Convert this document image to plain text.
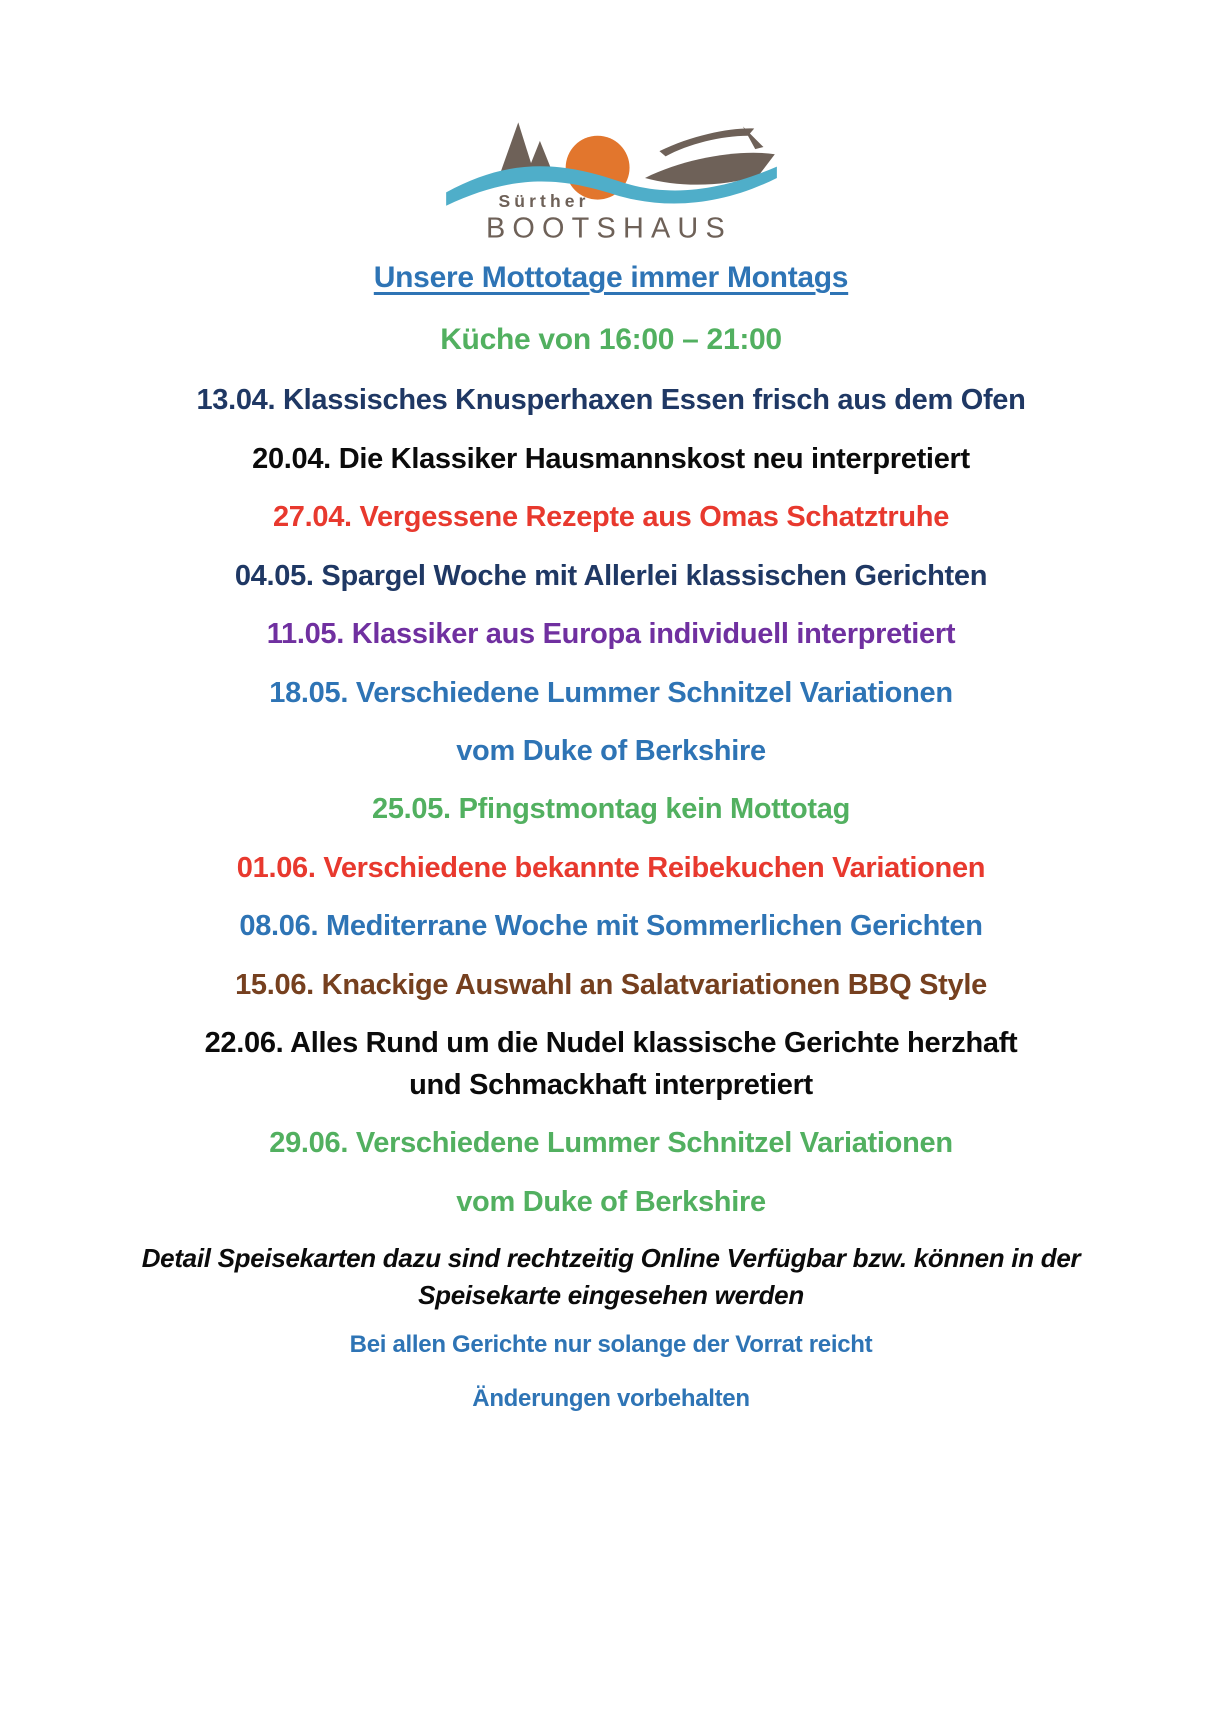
Sürther
BOOTSHAUS
Unsere Mottotage immer Montags
Küche von 16:00 – 21:00
13.04. Klassisches Knusperhaxen Essen frisch aus dem Ofen
20.04. Die Klassiker Hausmannskost neu interpretiert
27.04. Vergessene Rezepte aus Omas Schatztruhe
04.05. Spargel Woche mit Allerlei klassischen Gerichten
11.05. Klassiker aus Europa individuell interpretiert
18.05. Verschiedene Lummer Schnitzel Variationen
vom Duke of Berkshire
25.05. Pfingstmontag kein Mottotag
01.06. Verschiedene bekannte Reibekuchen Variationen
08.06. Mediterrane Woche mit Sommerlichen Gerichten
15.06. Knackige Auswahl an Salatvariationen BBQ Style
22.06. Alles Rund um die Nudel klassische Gerichte herzhaft
und Schmackhaft interpretiert
29.06. Verschiedene Lummer Schnitzel Variationen
vom Duke of Berkshire
Detail Speisekarten dazu sind rechtzeitig Online Verfügbar bzw. können in der
Speisekarte eingesehen werden
Bei allen Gerichte nur solange der Vorrat reicht
Änderungen vorbehalten
